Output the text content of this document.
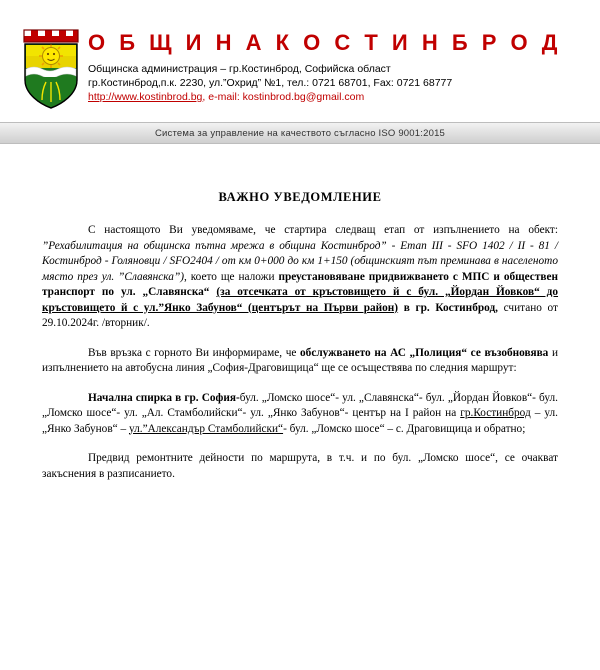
О Б Щ И Н А К О С Т И Н Б Р О Д
Общинска администрация – гр.Костинброд, Софийска област
гр.Костинброд,п.к. 2230, ул.”Охрид” №1, тел.: 0721 68701, Fax: 0721 68777
http://www.kostinbrod.bg, e-mail: kostinbrod.bg@gmail.com
Система за управление на качеството съгласно ISO 9001:2015
ВАЖНО УВЕДОМЛЕНИЕ

С настоящото Ви уведомяваме, че стартира следващ етап от изпълнението на обект: ”Рехабилитация на общинска пътна мрежа в община Костинброд” - Етап III - SFO 1402 / II - 81 / Костинброд - Голяновци / SFO2404 / от км 0+000 до км 1+150 (общинският път преминава в населеното място през ул. ”Славянска”), което ще наложи преустановяване придвижването с МПС и обществен транспорт по ул. „Славянска“ (за отсечката от кръстовището й с бул. „Йордан Йовков“ до кръстовището й с ул.”Янко Забунов“ (центърът на Първи район) в гр. Костинброд, считано от 29.10.2024г. /вторник/.

Във връзка с горното Ви информираме, че обслужването на АС „Полиция“ се възобновява и изпълнението на автобусна линия „София-Драговищица“ ще се осъществява по следния маршрут:

Начална спирка в гр. София-бул. „Ломско шосе“- ул. „Славянска“- бул. „Йордан Йовков“- бул. „Ломско шосе“- ул. „Ал. Стамболийски“- ул. „Янко Забунов“- център на I район на гр.Костинброд – ул. „Янко Забунов“ – ул.”Александър Стамболийски“- бул. „Ломско шосе“ – с. Драговищица и обратно;

Предвид ремонтните дейности по маршрута, в т.ч. и по бул. „Ломско шосе“, се очакват закъснения в разписанието.
